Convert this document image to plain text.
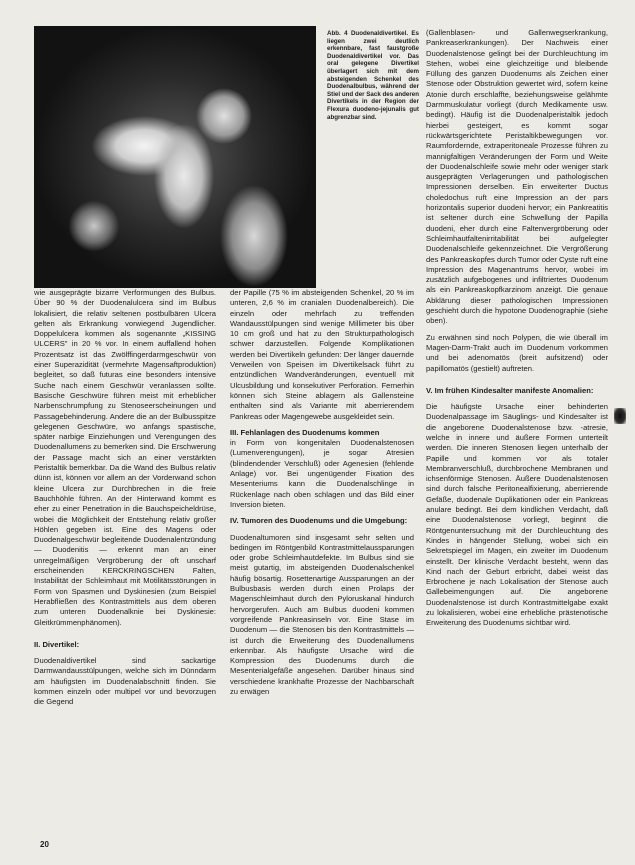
Abb. 4 Duodenaldivertikel. Es liegen zwei deutlich erkennbare, fast faustgroße Duodenaldivertikel vor. Das oral gelegene Divertikel überlagert sich mit dem absteigenden Schenkel des Duodenalbulbus, während der Stiel und der Sack des anderen Divertikels in der Region der Flexura duodeno-jejunalis gut abgrenzbar sind.

wie ausgeprägte bizarre Verformungen des Bulbus. Über 90 % der Duodenalulcera sind im Bulbus lokalisiert, die relativ seltenen postbulbären Ulcera gelten als Erkrankung vorwiegend Jugendlicher. Doppelulcera kommen als sogenannte „KISSING ULCERS" in 20 % vor. In einem auffallend hohen Prozentsatz ist das Zwölffingerdarmgeschwür von einer Superazidität (vermehrte Magensaftproduktion) begleitet, so daß futuras eine besonders intensive Suche nach einem Geschwür veranlassen sollte. Basische Geschwüre führen meist mit erheblicher Narbenschrumpfung zu Stenoseerscheinungen und Passagebehinderung. Andere die an der Bulbusspitze gelegenen Geschwüre, wo anfangs spastische, später narbige Einziehungen und Verengungen des Duodenallumens zu bemerken sind. Die Erschwerung der Passage macht sich an einer verstärkten Peristaltik bemerkbar. Da die Wand des Bulbus relativ dünn ist, können vor allem an der Vorderwand schon kleine Ulcera zur Durchbrechen in die freie Bauchhöhle führen. An der Hinterwand kommt es eher zu einer Penetration in die Bauchspeicheldrüse, wobei die Möglichkeit der Entstehung relativ großer Höhlen gegeben ist. Eine des Magens oder Duodenalgeschwür begleitende Duodenalentzündung — Duodenitis — erkennt man an einer unregelmäßigen Vergröberung der oft unscharf erscheinenden KERCKRINGSCHEN Falten, Instabilität der Schleimhaut mit Motilitätsstörungen in Form von Spasmen und Dyskinesien (zum Beispiel Herabfließen des Kontrastmittels aus dem oberen zum unteren Duodenalknie bei Dyskinesie: Gleitkrümmenphänomen).

II. Divertikel:

Duodenaldivertikel sind sackartige Darmwandausstülpungen, welche sich im Dünndarm am häufigsten im Duodenalabschnitt finden. Sie kommen einzeln oder multipel vor und bevorzugen die Gegend

der Papille (75 % im absteigenden Schenkel, 20 % im unteren, 2,6 % im cranialen Duodenalbereich). Die einzeln oder mehrfach zu treffenden Wandausstülpungen sind wenige Millimeter bis über 10 cm groß und hat zu den Strukturpathologisch schwer darzustellen. Folgende Komplikationen werden bei Divertikeln gefunden: Der länger dauernde Verweilen von Speisen im Divertikelsack führt zu entzündlichen Wandveränderungen, eventuell mit Ulcusbildung und konsekutiver Perforation. Fernerhin können sich Steine ablagern als Gallensteine enthalten sind als Variante mit aberrierendem Pankreas oder Magengewebe ausgekleidet sein.

III. Fehlanlagen des Duodenums kommen

in Form von kongenitalen Duodenalstenosen (Lumenverengungen), je sogar Atresien (blindendender Verschluß) oder Agenesien (fehlende Anlage) vor. Bei ungenügender Fixation des Mesenteriums kann die Duodenalschlinge in Rückenlage nach oben schlagen und das Bild einer Inversion bieten.

IV. Tumoren des Duodenums und die Umgebung:

Duodenaltumoren sind insgesamt sehr selten und bedingen im Röntgenbild Kontrastmittelaussparungen oder grobe Schleimhautdefekte. Im Bulbus sind sie meist gutartig, im absteigenden Duodenalschenkel häufig bösartig. Rosettenartige Aussparungen an der Bulbusbasis werden durch einen Prolaps der Magenschleimhaut durch den Pyloruskanal hindurch hervorgerufen. Auch am Bulbus duodeni kommen vorgreifende Pankreasinseln vor. Eine Stase im Duodenum — die Stenosen bis den Kontrastmittels — ist durch die Erweiterung des Duodenallumens erkennbar. Als häufigste Ursache wird die Kompression des Duodenums durch die Mesenterialgefäße angesehen. Darüber hinaus sind verschiedene krankhafte Prozesse der Nachbarschaft zu erwägen

(Gallenblasen- und Gallenwegserkrankung, Pankreaserkrankungen). Der Nachweis einer Duodenalstenose gelingt bei der Durchleuchtung im Stehen, wobei eine gleichzeitige und bleibende Füllung des ganzen Duodenums als Zeichen einer Stenose oder Obstruktion gewertet wird, sofern keine Atonie durch erschlaffte, beziehungsweise gelähmte Darmmuskulatur vorliegt (durch Medikamente usw. bedingt). Häufig ist die Duodenalperistaltik jedoch hierbei gesteigert, es kommt sogar rückwärtsgerichtete Peristaltikbewegungen vor. Raumfordernde, extraperitoneale Prozesse führen zu mannigfaltigen Veränderungen der Form und Weite der Duodenalschleife sowie mehr oder weniger stark ausgeprägten Verlagerungen und pathologischen Impressionen derselben. Ein erweiterter Ductus choledochus ruft eine Impression an der pars horizontalis superior duodeni hervor; ein Pankreatitis ist seltener durch eine Schwellung der Papilla duodeni, eher durch eine Faltenvergröberung oder Schleimhautfaltenirritabilität bei aufgelegter Duodenalschleife gekennzeichnet. Die Vergrößerung des Pankreaskopfes durch Tumor oder Cyste ruft eine Impression des Magenantrums hervor, wobei im zusätzlich aufgebogenes und infiltriertes Duodenum als ein Pankreaskopfkarzinom anzeigt. Die genaue Abklärung dieser pathologischen Impressionen geschieht durch die hypotone Duodenographie (siehe oben).

Zu erwähnen sind noch Polypen, die wie überall im Magen-Darm-Trakt auch im Duodenum vorkommen und bei adenomatös (breit aufsitzend) oder papillomatös (gestielt) auftreten.

V. Im frühen Kindesalter manifeste Anomalien:

Die häufigste Ursache einer behinderten Duodenalpassage im Säuglings- und Kindesalter ist die angeborene Duodenalstenose bzw. -atresie, welche in innere und äußere Formen unterteilt werden. Die inneren Stenosen liegen unterhalb der Papille und kommen vor als totaler Membranverschluß, durchbrochene Membranen und ichsenförmige Stenosen. Äußere Duodenalstenosen sind durch falsche Peritonealfixierung, aberrierende Gefäße, duodenale Duplikationen oder ein Pankreas anulare bedingt. Bei dem kindlichen Verdacht, daß eine Duodenalstenose vorliegt, beginnt die Röntgenuntersuchung mit der Durchleuchtung des Kindes in hängender Stellung, wobei sich ein Sekretspiegel im Magen, ein zweiter im Duodenum einstellt. Der klinische Verdacht besteht, wenn das Kind nach der Geburt erbricht, dabei weist das Erbrochene je nach Lokalisation der Stenose auch Gallebeimengungen auf. Die angeborene Duodenalstenose ist durch Kontrastmittelgabe exakt zu lokalisieren, wobei eine erhebliche prästenotische Erweiterung des Duodenums sichtbar wird.

20
